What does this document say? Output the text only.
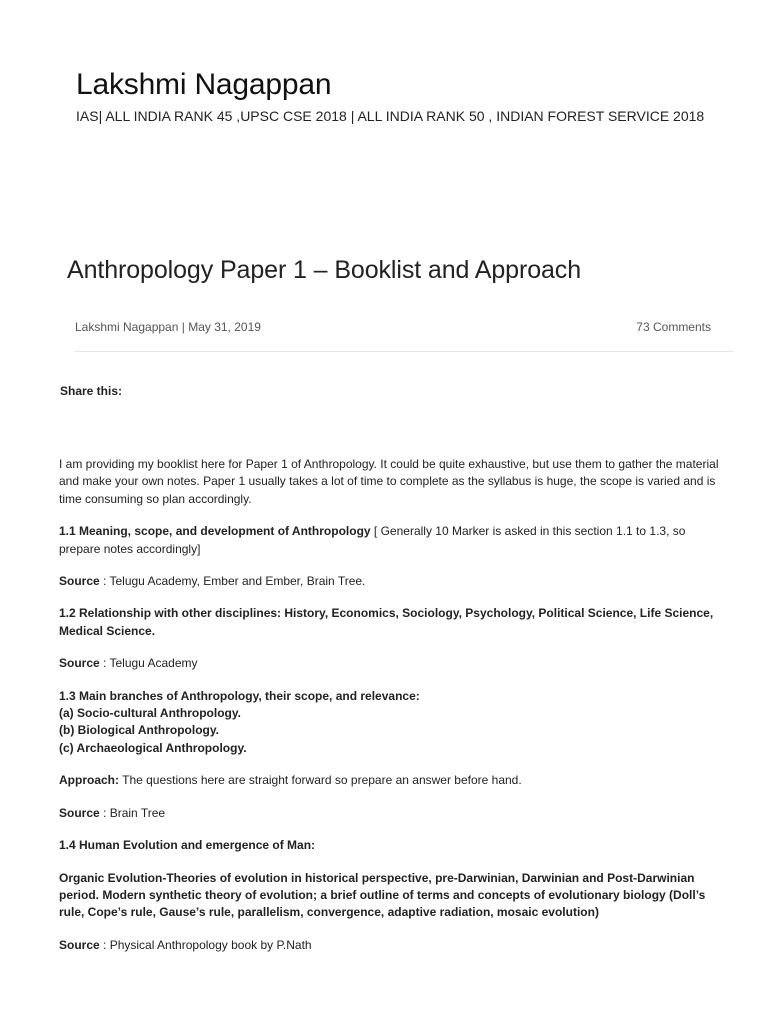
Lakshmi Nagappan

IAS| ALL INDIA RANK 45 ,UPSC CSE 2018 | ALL INDIA RANK 50 , INDIAN FOREST SERVICE 2018

Anthropology Paper 1 – Booklist and Approach
Lakshmi Nagappan | May 31, 2019	73 Comments
Share this:

I am providing my booklist here for Paper 1 of Anthropology. It could be quite exhaustive, but use them to gather the material and make your own notes. Paper 1 usually takes a lot of time to complete as the syllabus is huge, the scope is varied and is time consuming so plan accordingly.

1.1 Meaning, scope, and development of Anthropology [ Generally 10 Marker is asked in this section 1.1 to 1.3, so prepare notes accordingly]

Source : Telugu Academy, Ember and Ember, Brain Tree.

1.2 Relationship with other disciplines: History, Economics, Sociology, Psychology, Political Science, Life Science, Medical Science.

Source : Telugu Academy

1.3 Main branches of Anthropology, their scope, and relevance:
(a) Socio-cultural Anthropology.
(b) Biological Anthropology.
(c) Archaeological Anthropology.

Approach: The questions here are straight forward so prepare an answer before hand.

Source : Brain Tree

1.4 Human Evolution and emergence of Man:

Organic Evolution-Theories of evolution in historical perspective, pre-Darwinian, Darwinian and Post-Darwinian period. Modern synthetic theory of evolution; a brief outline of terms and concepts of evolutionary biology (Doll’s rule, Cope’s rule, Gause’s rule, parallelism, convergence, adaptive radiation, mosaic evolution)

Source : Physical Anthropology book by P.Nath
